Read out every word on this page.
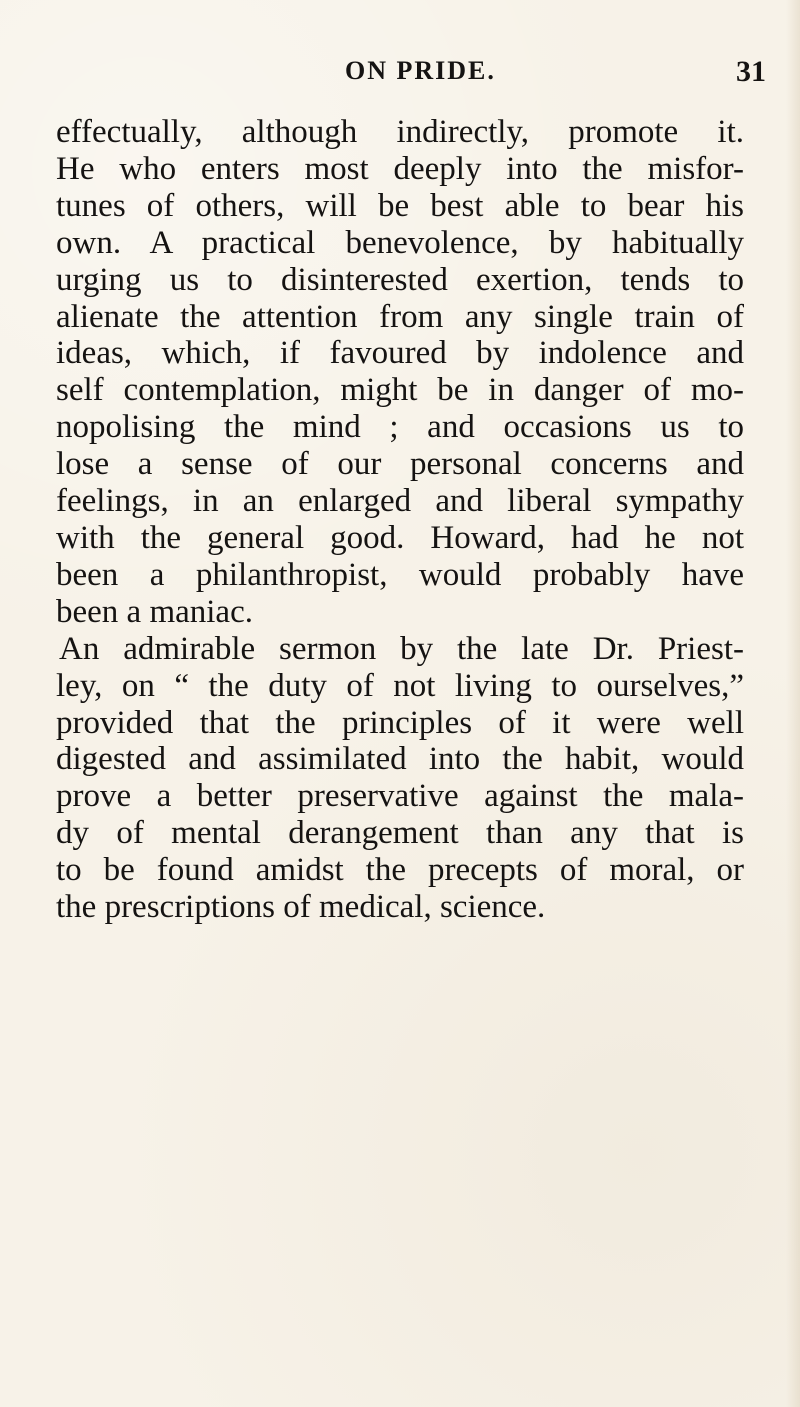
ON PRIDE.	31
effectually, although indirectly, promote it.
He who enters most deeply into the misfor-
tunes of others, will be best able to bear his
own. A practical benevolence, by habitually
urging us to disinterested exertion, tends to
alienate the attention from any single train of
ideas, which, if favoured by indolence and
self contemplation, might be in danger of mo-
nopolising the mind ; and occasions us to
lose a sense of our personal concerns and
feelings, in an enlarged and liberal sympathy
with the general good. Howard, had he not
been a philanthropist, would probably have
been a maniac.
An admirable sermon by the late Dr. Priest-
ley, on “ the duty of not living to ourselves,”
provided that the principles of it were well
digested and assimilated into the habit, would
prove a better preservative against the mala-
dy of mental derangement than any that is
to be found amidst the precepts of moral, or
the prescriptions of medical, science.
